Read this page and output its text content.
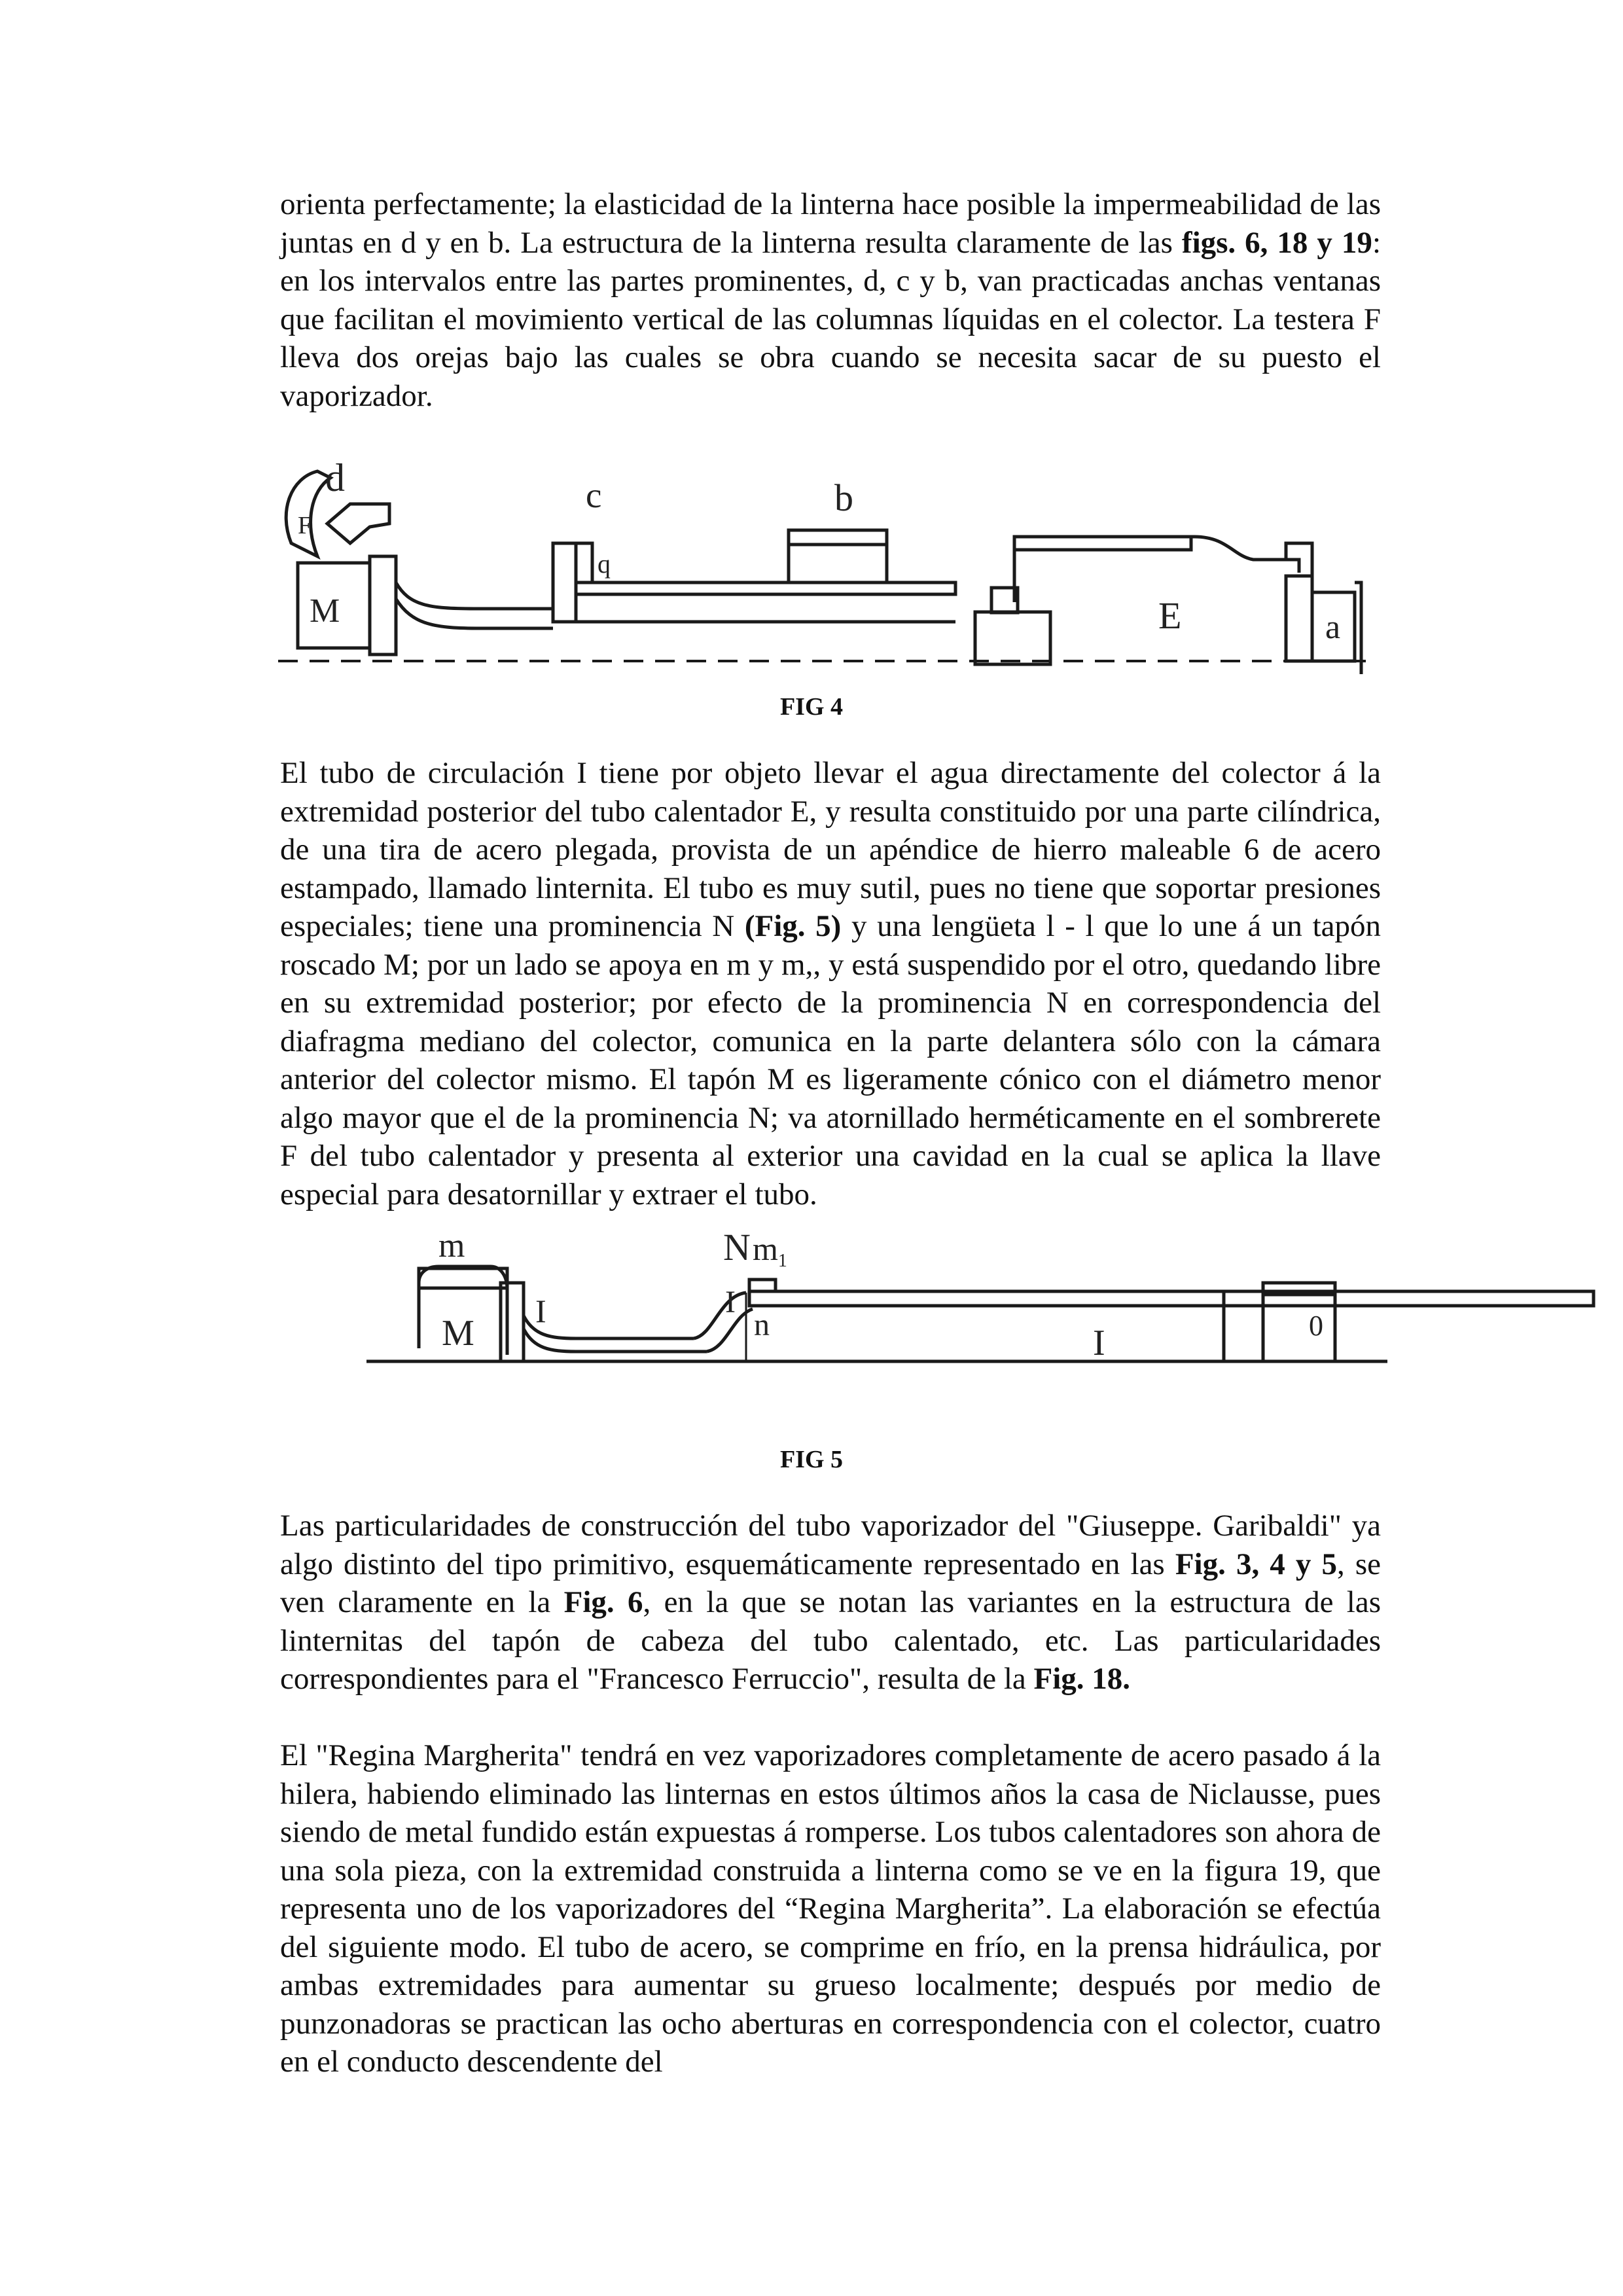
orienta perfectamente; la elasticidad de la linterna hace posible la impermeabilidad de las juntas en d y en b. La estructura de la linterna resulta claramente de las figs. 6, 18 y 19: en los intervalos entre las partes prominentes, d, c y b, van practicadas anchas ventanas que facilitan el movimiento vertical de las columnas líquidas en el colector. La testera F lleva dos orejas bajo las cuales se obra cuando se necesita sacar de su puesto el vaporizador.

d
F
M
c
q
b
E	a
FIG 4

El tubo de circulación I tiene por objeto llevar el agua directamente del colector á la extremidad posterior del tubo calentador E, y resulta constituido por una parte cilíndrica, de una tira de acero plegada, provista de un apéndice de hierro maleable 6 de acero estampado, llamado linternita. El tubo es muy sutil, pues no tiene que soportar presiones especiales; tiene una prominencia N (Fig. 5) y una lengüeta l - l que lo une á un tapón roscado M; por un lado se apoya en m y m,, y está suspendido por el otro, quedando libre en su extremidad posterior; por efecto de la prominencia N en correspondencia del diafragma mediano del colector, comunica en la parte delantera sólo con la cámara anterior del colector mismo. El tapón M es ligeramente cónico con el diámetro menor algo mayor que el de la prominencia N; va atornillado herméticamente en el sombrerete F del tubo calentador y presenta al exterior una cavidad en la cual se aplica la llave especial para desatornillar y extraer el tubo.

m
M
I
N $m_1$
I
n	I	0
FIG 5

Las particularidades de construcción del tubo vaporizador del "Giuseppe. Garibaldi" ya algo distinto del tipo primitivo, esquemáticamente representado en las Fig. 3, 4 y 5, se ven claramente en la Fig. 6, en la que se notan las variantes en la estructura de las linternitas del tapón de cabeza del tubo calentado, etc. Las particularidades correspondientes para el "Francesco Ferruccio", resulta de la Fig. 18.

El "Regina Margherita" tendrá en vez vaporizadores completamente de acero pasado á la hilera, habiendo eliminado las linternas en estos últimos años la casa de Niclausse, pues siendo de metal fundido están expuestas á romperse. Los tubos calentadores son ahora de una sola pieza, con la extremidad construida a linterna como se ve en la figura 19, que representa uno de los vaporizadores del “Regina Margherita”. La elaboración se efectúa del siguiente modo. El tubo de acero, se comprime en frío, en la prensa hidráulica, por ambas extremidades para aumentar su grueso localmente; después por medio de punzonadoras se practican las ocho aberturas en correspondencia con el colector, cuatro en el conducto descendente del
